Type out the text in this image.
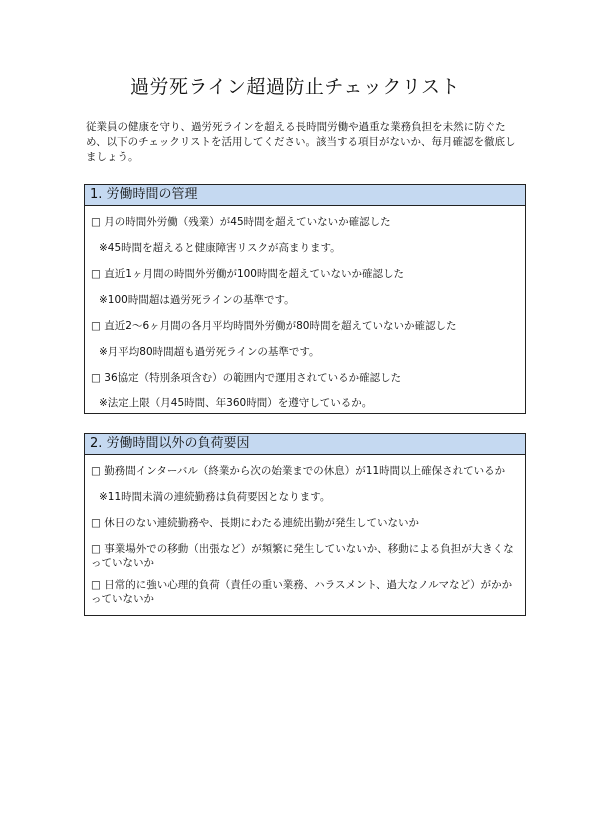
過労死ライン超過防止チェックリスト
従業員の健康を守り、過労死ラインを超える長時間労働や過重な業務負担を未然に防ぐため、以下のチェックリストを活用してください。該当する項目がないか、毎月確認を徹底しましょう。
1. 労働時間の管理
□ 月の時間外労働（残業）が45時間を超えていないか確認した
※45時間を超えると健康障害リスクが高まります。
□ 直近1ヶ月間の時間外労働が100時間を超えていないか確認した
※100時間超は過労死ラインの基準です。
□ 直近2〜6ヶ月間の各月平均時間外労働が80時間を超えていないか確認した
※月平均80時間超も過労死ラインの基準です。
□ 36協定（特別条項含む）の範囲内で運用されているか確認した
※法定上限（月45時間、年360時間）を遵守しているか。
2. 労働時間以外の負荷要因
□ 勤務間インターバル（終業から次の始業までの休息）が11時間以上確保されているか
※11時間未満の連続勤務は負荷要因となります。
□ 休日のない連続勤務や、長期にわたる連続出勤が発生していないか
□ 事業場外での移動（出張など）が頻繁に発生していないか、移動による負担が大きくなっていないか
□ 日常的に強い心理的負荷（責任の重い業務、ハラスメント、過大なノルマなど）がかかっていないか
